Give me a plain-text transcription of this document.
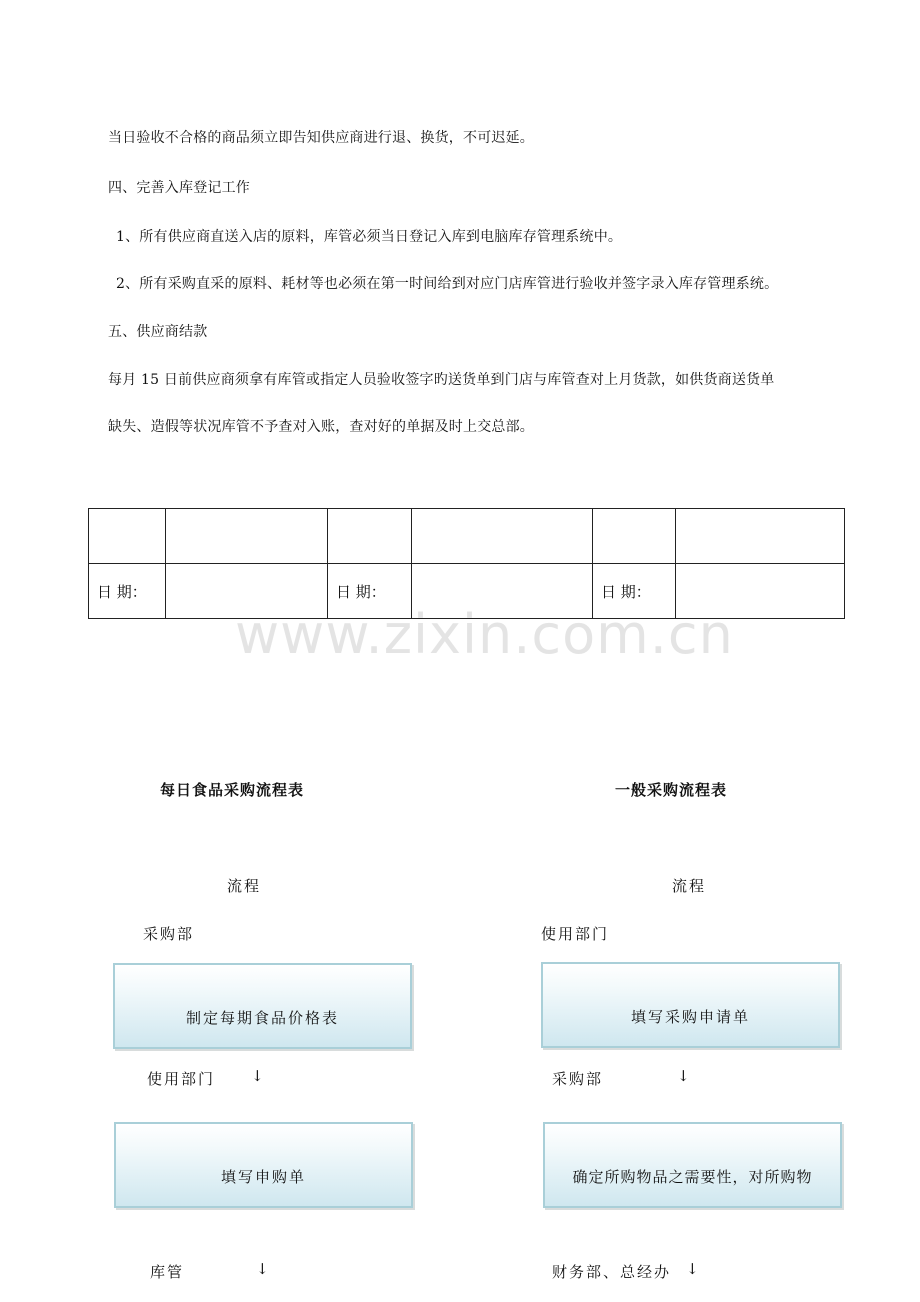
当日验收不合格的商品须立即告知供应商进行退、换货，不可迟延。
四、完善入库登记工作
1、所有供应商直送入店的原料，库管必须当日登记入库到电脑库存管理系统中。
2、所有采购直采的原料、耗材等也必须在第一时间给到对应门店库管进行验收并签字录入库存管理系统。
五、供应商结款
每月 15 日前供应商须拿有库管或指定人员验收签字旳送货单到门店与库管查对上月货款，如供货商送货单
缺失、造假等状况库管不予查对入账，查对好的单据及时上交总部。

日 期：		日 期：		日 期：	
www.zixin.com.cn
每日食品采购流程表
流程
采购部
制定每期食品价格表
使用部门 ↓
填写申购单
库管	↓
一般采购流程表
流程
使用部门
填写采购申请单
采购部	↓
确定所购物品之需要性，对所购物
财务部、总经办 ↓
